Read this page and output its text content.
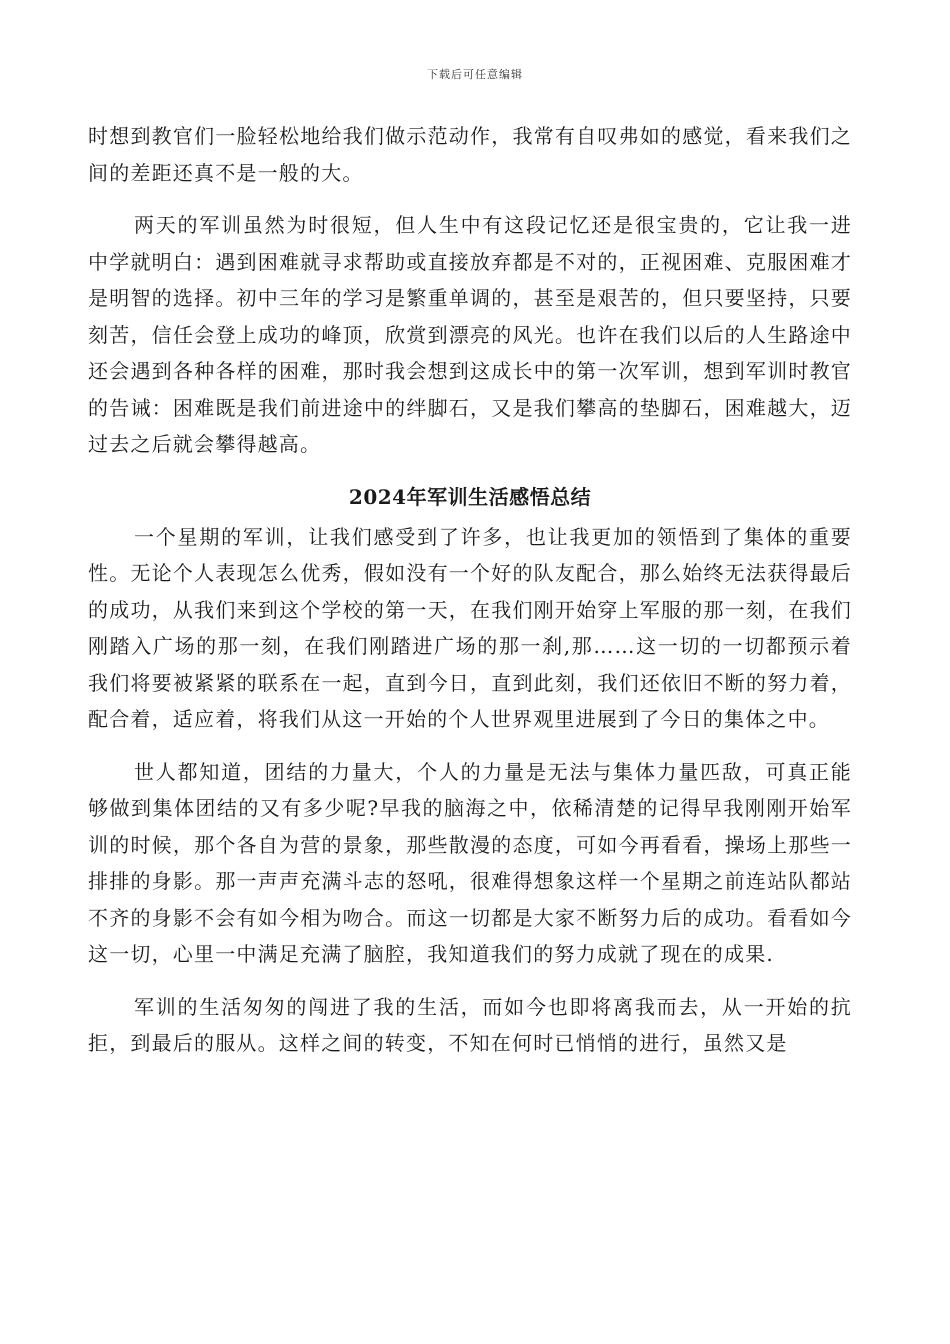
下载后可任意编辑

时想到教官们一脸轻松地给我们做示范动作，我常有自叹弗如的感觉，看来我们之间的差距还真不是一般的大。

两天的军训虽然为时很短，但人生中有这段记忆还是很宝贵的，它让我一进中学就明白：遇到困难就寻求帮助或直接放弃都是不对的，正视困难、克服困难才是明智的选择。初中三年的学习是繁重单调的，甚至是艰苦的，但只要坚持，只要刻苦，信任会登上成功的峰顶，欣赏到漂亮的风光。也许在我们以后的人生路途中还会遇到各种各样的困难，那时我会想到这成长中的第一次军训，想到军训时教官的告诫：困难既是我们前进途中的绊脚石，又是我们攀高的垫脚石，困难越大，迈过去之后就会攀得越高。

2024年军训生活感悟总结

一个星期的军训，让我们感受到了许多，也让我更加的领悟到了集体的重要性。无论个人表现怎么优秀，假如没有一个好的队友配合，那么始终无法获得最后的成功，从我们来到这个学校的第一天，在我们刚开始穿上军服的那一刻，在我们刚踏入广场的那一刻，在我们刚踏进广场的那一刹,那……这一切的一切都预示着我们将要被紧紧的联系在一起，直到今日，直到此刻，我们还依旧不断的努力着，配合着，适应着，将我们从这一开始的个人世界观里进展到了今日的集体之中。

世人都知道，团结的力量大，个人的力量是无法与集体力量匹敌，可真正能够做到集体团结的又有多少呢?早我的脑海之中，依稀清楚的记得早我刚刚开始军训的时候，那个各自为营的景象，那些散漫的态度，可如今再看看，操场上那些一排排的身影。那一声声充满斗志的怒吼，很难得想象这样一个星期之前连站队都站不齐的身影不会有如今相为吻合。而这一切都是大家不断努力后的成功。看看如今这一切，心里一中满足充满了脑腔，我知道我们的努力成就了现在的成果.

军训的生活匆匆的闯进了我的生活，而如今也即将离我而去，从一开始的抗拒，到最后的服从。这样之间的转变，不知在何时已悄悄的进行，虽然又是
